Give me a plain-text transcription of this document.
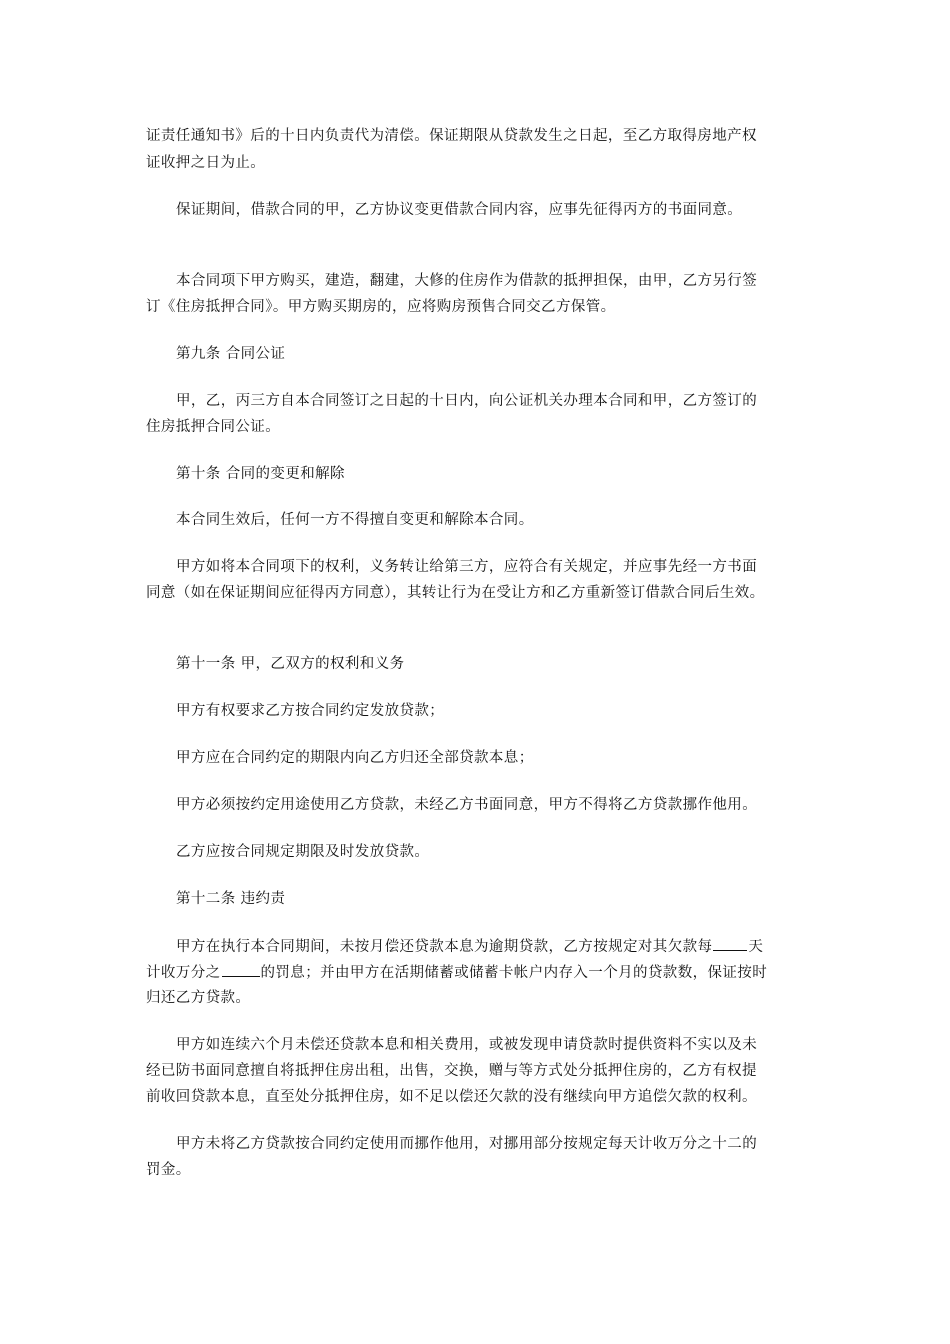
证责任通知书》后的十日内负责代为清偿。保证期限从贷款发生之日起，至乙方取得房地产权
证收押之日为止。
保证期间，借款合同的甲，乙方协议变更借款合同内容，应事先征得丙方的书面同意。
本合同项下甲方购买，建造，翻建，大修的住房作为借款的抵押担保，由甲，乙方另行签
订《住房抵押合同》。甲方购买期房的，应将购房预售合同交乙方保管。
第九条 合同公证
甲，乙，丙三方自本合同签订之日起的十日内，向公证机关办理本合同和甲，乙方签订的
住房抵押合同公证。
第十条 合同的变更和解除
本合同生效后，任何一方不得擅自变更和解除本合同。
甲方如将本合同项下的权利，义务转让给第三方，应符合有关规定，并应事先经一方书面
同意（如在保证期间应征得丙方同意），其转让行为在受让方和乙方重新签订借款合同后生效。
第十一条 甲，乙双方的权利和义务
甲方有权要求乙方按合同约定发放贷款；
甲方应在合同约定的期限内向乙方归还全部贷款本息；
甲方必须按约定用途使用乙方贷款，未经乙方书面同意，甲方不得将乙方贷款挪作他用。
乙方应按合同规定期限及时发放贷款。
第十二条 违约责
甲方在执行本合同期间，未按月偿还贷款本息为逾期贷款，乙方按规定对其欠款每 天
计收万分之	的罚息；并由甲方在活期储蓄或储蓄卡帐户内存入一个月的贷款数，保证按时
归还乙方贷款。
甲方如连续六个月未偿还贷款本息和相关费用，或被发现申请贷款时提供资料不实以及未
经已防书面同意擅自将抵押住房出租，出售，交换，赠与等方式处分抵押住房的，乙方有权提
前收回贷款本息，直至处分抵押住房，如不足以偿还欠款的没有继续向甲方追偿欠款的权利。
甲方未将乙方贷款按合同约定使用而挪作他用，对挪用部分按规定每天计收万分之十二的
罚金。
